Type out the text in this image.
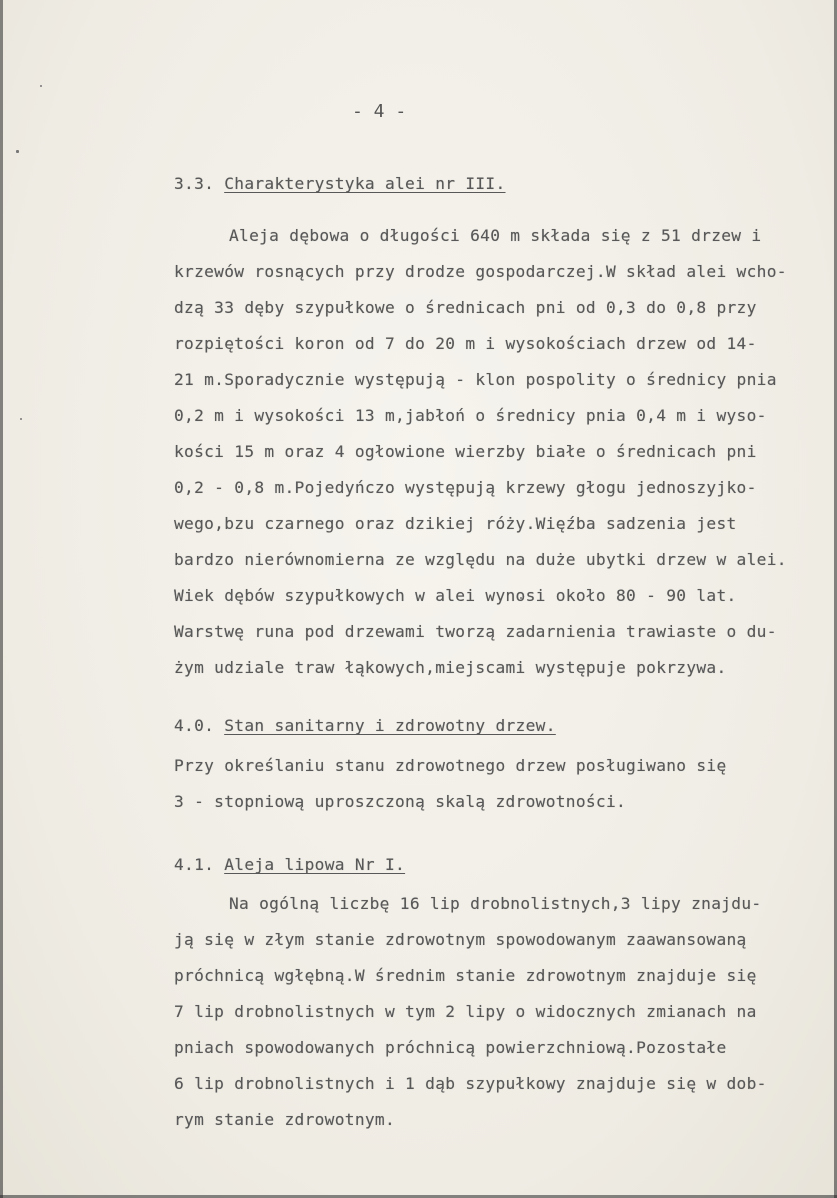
- 4 -
3.3. Charakterystyka alei nr III.
Aleja dębowa o długości 640 m składa się z 51 drzew i
krzewów rosnących przy drodze gospodarczej.W skład alei wcho-
dzą 33 dęby szypułkowe o średnicach pni od 0,3 do 0,8 przy
rozpiętości koron od 7 do 20 m i wysokościach drzew od 14-
21 m.Sporadycznie występują - klon pospolity o średnicy pnia
0,2 m i wysokości 13 m,jabłoń o średnicy pnia 0,4 m i wyso-
kości 15 m oraz 4 ogłowione wierzby białe o średnicach pni
0,2 - 0,8 m.Pojedyńczo występują krzewy głogu jednoszyjko-
wego,bzu czarnego oraz dzikiej róży.Więźba sadzenia jest
bardzo nierównomierna ze względu na duże ubytki drzew w alei.
Wiek dębów szypułkowych w alei wynosi około 80 - 90 lat.
Warstwę runa pod drzewami tworzą zadarnienia trawiaste o du-
żym udziale traw łąkowych,miejscami występuje pokrzywa.
4.0. Stan sanitarny i zdrowotny drzew.
Przy określaniu stanu zdrowotnego drzew posługiwano się
3 - stopniową uproszczoną skalą zdrowotności.
4.1. Aleja lipowa Nr I.
Na ogólną liczbę 16 lip drobnolistnych,3 lipy znajdu-
ją się w złym stanie zdrowotnym spowodowanym zaawansowaną
próchnicą wgłębną.W średnim stanie zdrowotnym znajduje się
7 lip drobnolistnych w tym 2 lipy o widocznych zmianach na
pniach spowodowanych próchnicą powierzchniową.Pozostałe
6 lip drobnolistnych i 1 dąb szypułkowy znajduje się w dob-
rym stanie zdrowotnym.
